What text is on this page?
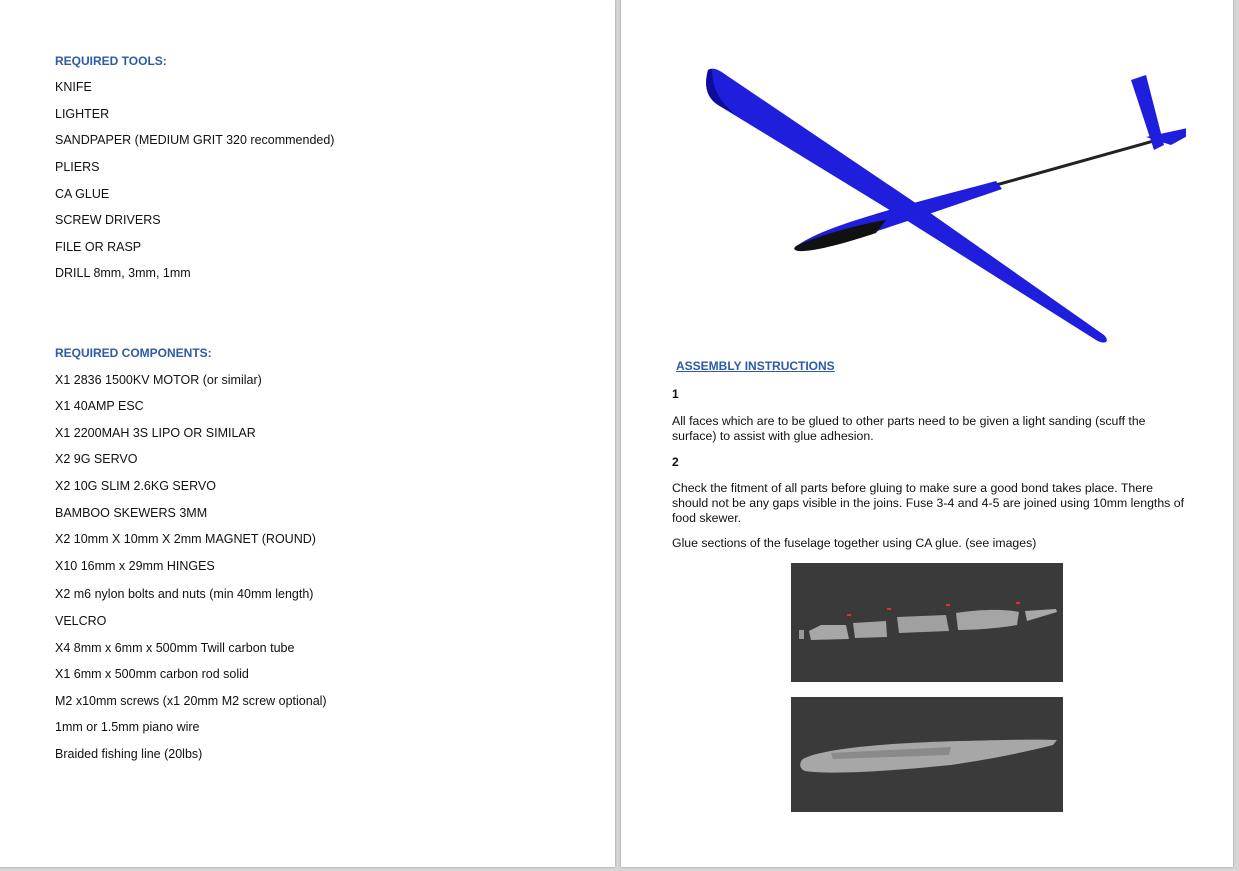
REQUIRED TOOLS:
KNIFE
LIGHTER
SANDPAPER (MEDIUM GRIT 320 recommended)
PLIERS
CA GLUE
SCREW DRIVERS
FILE OR RASP
DRILL 8mm, 3mm, 1mm
REQUIRED COMPONENTS:
X1 2836 1500KV MOTOR (or similar)
X1 40AMP ESC
X1 2200MAH 3S LIPO OR SIMILAR
X2 9G SERVO
X2 10G SLIM 2.6KG SERVO
BAMBOO SKEWERS 3MM
X2 10mm X 10mm X 2mm MAGNET (ROUND)
X10 16mm x 29mm HINGES
X2 m6 nylon bolts and nuts (min 40mm length)
VELCRO
X4 8mm x 6mm x 500mm Twill carbon tube
X1 6mm x 500mm carbon rod solid
M2 x10mm screws (x1 20mm M2 screw optional)
1mm or 1.5mm piano wire
Braided fishing line (20lbs)
ASSEMBLY INSTRUCTIONS
1

All faces which are to be glued to other parts need to be given a light sanding (scuff the surface) to assist with glue adhesion.

2

Check the fitment of all parts before gluing to make sure a good bond takes place. There should not be any gaps visible in the joins. Fuse 3-4 and 4-5 are joined using 10mm lengths of food skewer.

Glue sections of the fuselage together using CA glue. (see images)
